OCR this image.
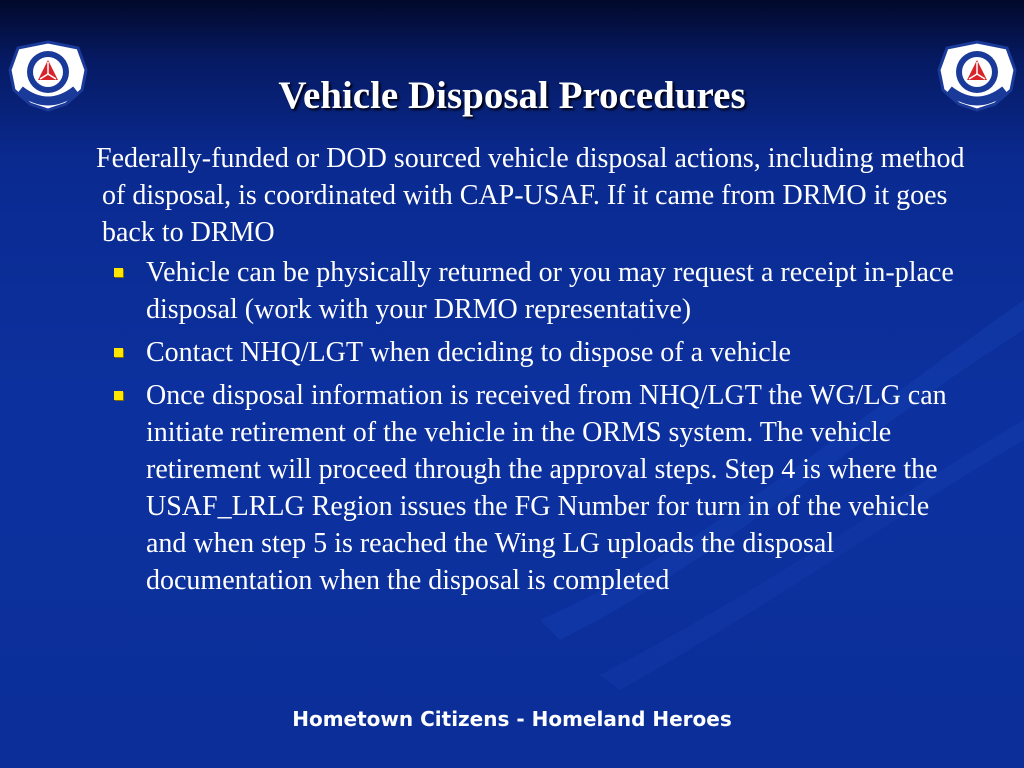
Vehicle Disposal Procedures

Federally-funded or DOD sourced vehicle disposal actions, including method of disposal, is coordinated with CAP-USAF. If it came from DRMO it goes back to DRMO

Vehicle can be physically returned or you may request a receipt in-place disposal (work with your DRMO representative)
Contact NHQ/LGT when deciding to dispose of a vehicle
Once disposal information is received from NHQ/LGT the WG/LG can initiate retirement of the vehicle in the ORMS system. The vehicle retirement will proceed through the approval steps. Step 4 is where the USAF_LRLG Region issues the FG Number for turn in of the vehicle and when step 5 is reached the Wing LG uploads the disposal documentation when the disposal is completed
Hometown Citizens - Homeland Heroes
